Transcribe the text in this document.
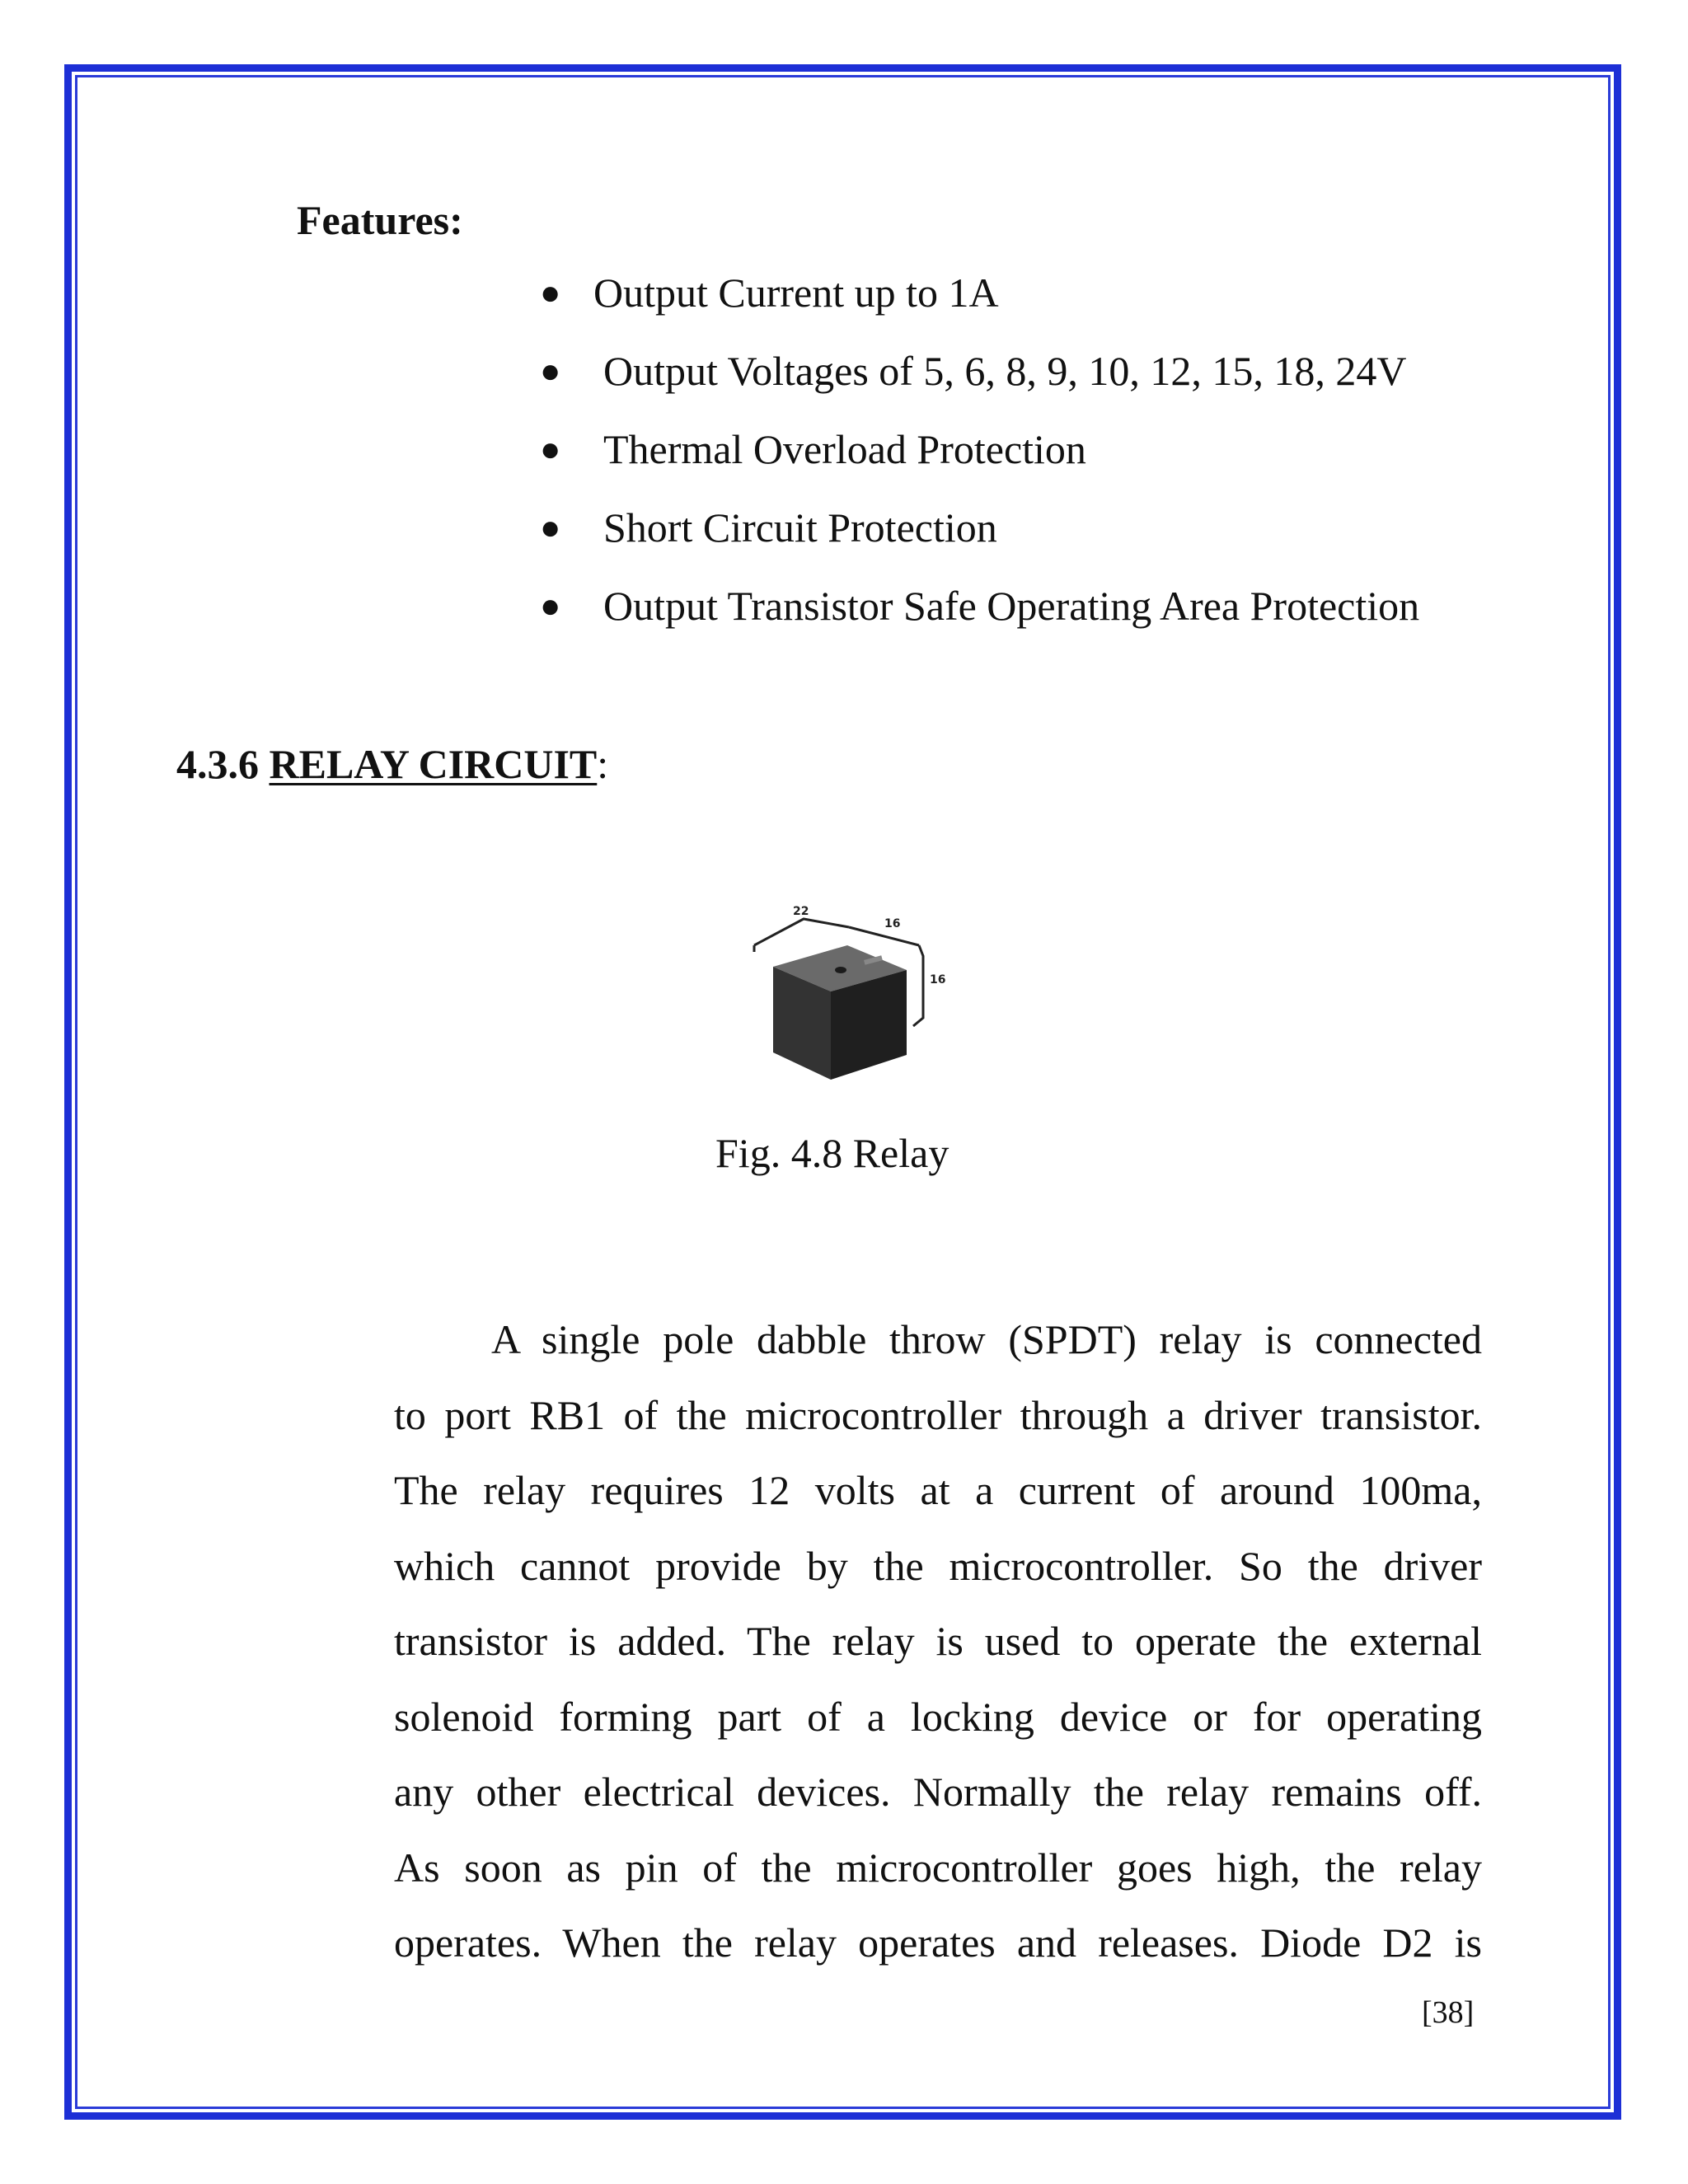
Features:
● Output Current up to 1A
● Output Voltages of 5, 6, 8, 9, 10, 12, 15, 18, 24V
● Thermal Overload Protection
● Short Circuit Protection
● Output Transistor Safe Operating Area Protection
4.3.6 RELAY CIRCUIT:
22
16
16
Fig. 4.8 Relay

A single pole dabble throw (SPDT) relay is connected
to port RB1 of the microcontroller through a driver transistor.
The relay requires 12 volts at a current of around 100ma,
which cannot provide by the microcontroller. So the driver
transistor is added. The relay is used to operate the external
solenoid forming part of a locking device or for operating
any other electrical devices. Normally the relay remains off.
As soon as pin of the microcontroller goes high, the relay
operates. When the relay operates and releases. Diode D2 is

[38]
